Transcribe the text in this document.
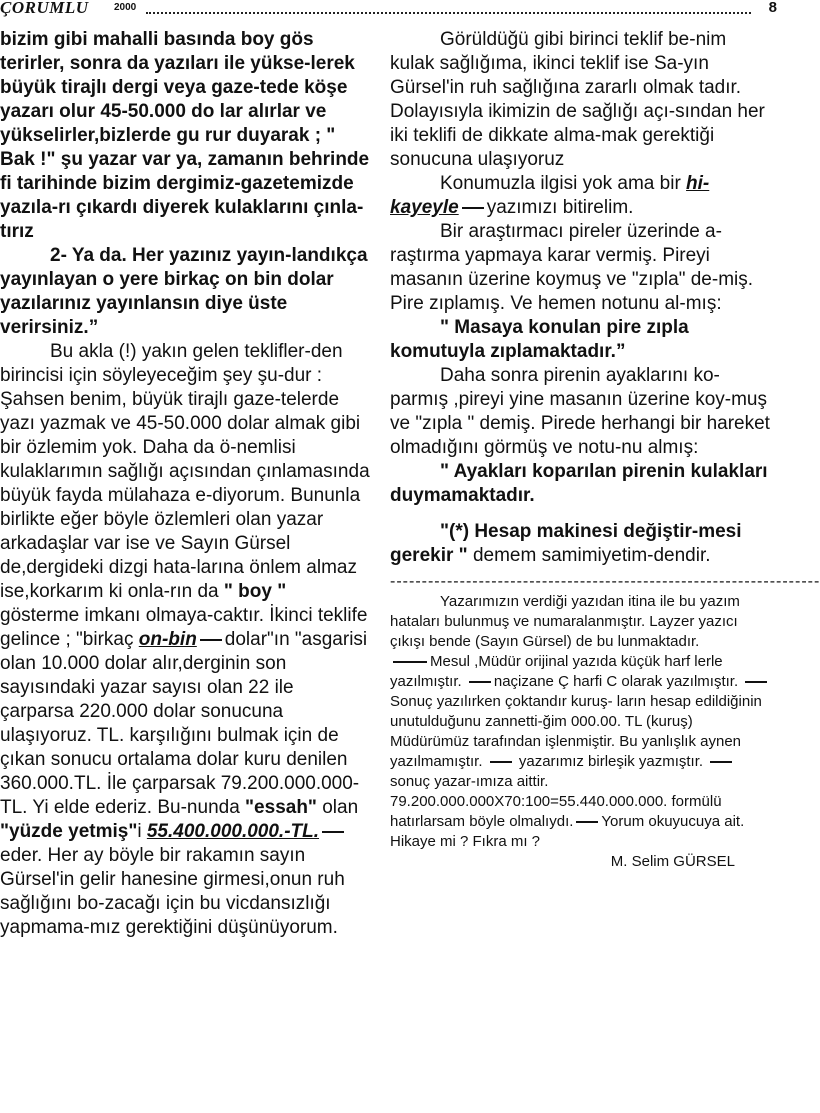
ÇORUMLU	2000	8

bizim gibi mahalli basında boy gös terirler, sonra da yazıları ile yükse-lerek büyük tirajlı dergi veya gaze-tede köşe yazarı olur 45-50.000 do lar alırlar ve yükselirler,bizlerde gu rur duyarak ; " Bak !" şu yazar var ya, zamanın behrinde fi tarihinde bizim dergimiz-gazetemizde yazıla-rı çıkardı diyerek kulaklarını çınla-tırız

2- Ya da. Her yazınız yayın-landıkça yayınlayan o yere birkaç on bin dolar yazılarınız yayınlansın diye üste verirsiniz.”

Bu akla (!) yakın gelen teklifler-den birincisi için söyleyeceğim şey şu-dur : Şahsen benim, büyük tirajlı gaze-telerde yazı yazmak ve 45-50.000 dolar almak gibi bir özlemim yok. Daha da ö-nemlisi kulaklarımın sağlığı açısından çınlamasında büyük fayda mülahaza e-diyorum. Bununla birlikte eğer böyle özlemleri olan yazar arkadaşlar var ise ve Sayın Gürsel de,dergideki dizgi hata-larına önlem almaz ise,korkarım ki onla-rın da " boy " gösterme imkanı olmaya-caktır. İkinci teklife gelince ; "birkaç on-bin dolar"ın "asgarisi olan 10.000 dolar alır,derginin son sayısındaki yazar sayısı olan 22 ile çarparsa 220.000 dolar sonucuna ulaşıyoruz. TL. karşılığını bulmak için de çıkan sonucu ortalama dolar kuru denilen 360.000.TL. İle çarparsak 79.200.000.000-TL. Yi elde ederiz. Bu-nunda "essah" olan "yüzde yetmiş"i 55.400.000.000.-TL. eder. Her ay böyle bir rakamın sayın Gürsel'in gelir hanesine girmesi,onun ruh sağlığını bo-zacağı için bu vicdansızlığı yapmama-mız gerektiğini düşünüyorum.

Görüldüğü gibi birinci teklif be-nim kulak sağlığıma, ikinci teklif ise Sa-yın Gürsel'in ruh sağlığına zararlı olmak tadır. Dolayısıyla ikimizin de sağlığı açı-sından her iki teklifi de dikkate alma-mak gerektiği sonucuna ulaşıyoruz

Konumuzla ilgisi yok ama bir hi-kayeyle yazımızı bitirelim.

Bir araştırmacı pireler üzerinde a-raştırma yapmaya karar vermiş. Pireyi masanın üzerine koymuş ve "zıpla" de-miş. Pire zıplamış. Ve hemen notunu al-mış:

" Masaya konulan pire zıpla komutuyla zıplamaktadır.”

Daha sonra pirenin ayaklarını ko-parmış ,pireyi yine masanın üzerine koy-muş ve "zıpla " demiş. Pirede herhangi bir hareket olmadığını görmüş ve notu-nu almış:

" Ayakları koparılan pirenin kulakları duymamaktadır.

"(*) Hesap makinesi değiştir-mesi gerekir " demem samimiyetim-dendir.

--------------------------------------------------------------------

Yazarımızın verdiği yazıdan itina ile bu yazım hataları bulunmuş ve numaralanmıştır. Layzer yazıcı çıkışı bende (Sayın Gürsel) de bu lunmaktadır.

Mesul ,Müdür orijinal yazıda küçük harf lerle yazılmıştır. naçizane Ç harfi C olarak yazılmıştır. Sonuç yazılırken çoktandır kuruş- ların hesap edildiğinin unutulduğunu zannetti-ğim 000.00. TL (kuruş) Müdürümüz tarafından işlenmiştir. Bu yanlışlık aynen yazılmamıştır. yazarımız birleşik yazmıştır. sonuç yazar-ımıza aittir.

79.200.000.000X70:100=55.440.000.000. formülü hatırlarsam böyle olmalıydı. Yorum okuyucuya ait. Hikaye mi ? Fıkra mı ?

M. Selim GÜRSEL
